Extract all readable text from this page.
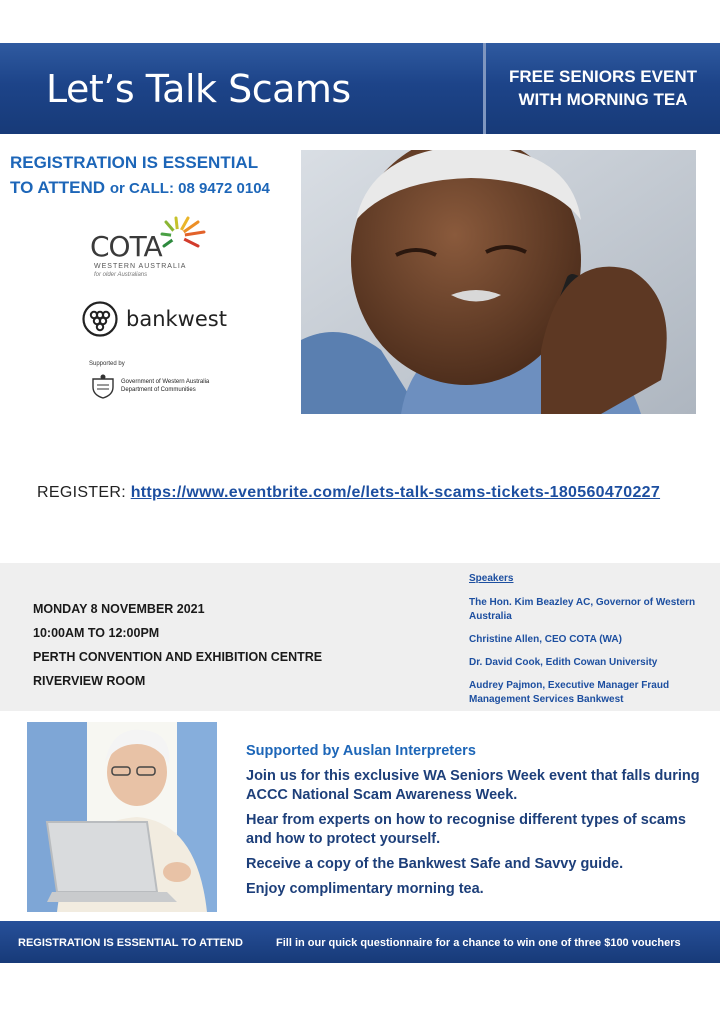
Let’s Talk Scams	FREE SENIORS EVENT
WITH MORNING TEA
REGISTRATION IS ESSENTIAL
TO ATTEND or CALL: 08 9472 0104
COTA
WESTERN AUSTRALIA
for older Australians
bankwest
Supported by
Government of Western Australia
Department of Communities
REGISTER: https://www.eventbrite.com/e/lets-talk-scams-tickets-180560470227
MONDAY 8 NOVEMBER 2021
10:00AM TO 12:00PM
PERTH CONVENTION AND EXHIBITION CENTRE
RIVERVIEW ROOM
Speakers
The Hon. Kim Beazley AC, Governor of Western Australia
Christine Allen, CEO COTA (WA)
Dr. David Cook, Edith Cowan University
Audrey Pajmon, Executive Manager Fraud Management Services Bankwest
Supported by Auslan Interpreters
Join us for this exclusive WA Seniors Week event that falls during ACCC National Scam Awareness Week.
Hear from experts on how to recognise different types of scams and how to protect yourself.
Receive a copy of the Bankwest Safe and Savvy guide.
Enjoy complimentary morning tea.
REGISTRATION IS ESSENTIAL TO ATTEND	Fill in our quick questionnaire for a chance to win one of three $100 vouchers
